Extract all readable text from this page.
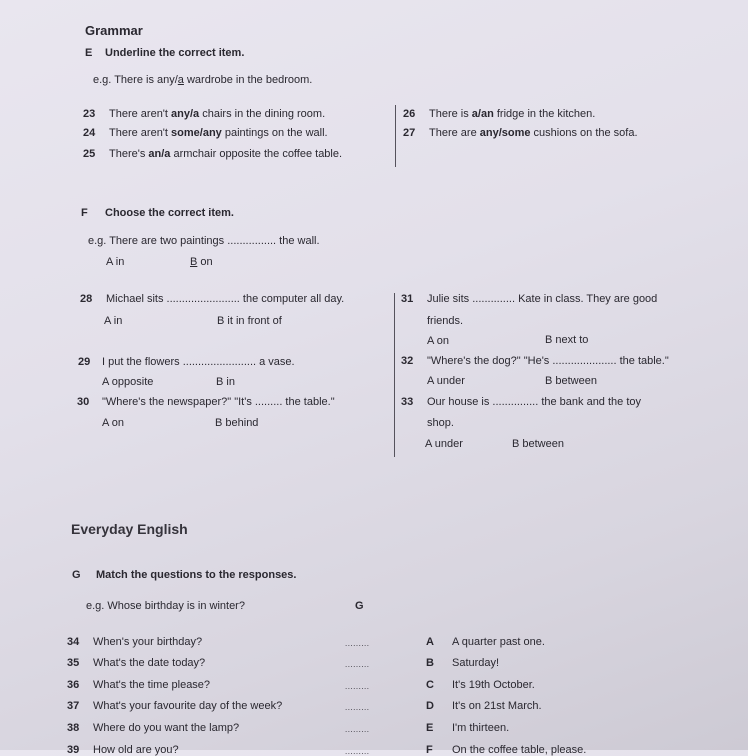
Grammar
E Underline the correct item.
e.g. There is any/a wardrobe in the bedroom.
23 There aren't any/a chairs in the dining room.
24 There aren't some/any paintings on the wall.
25 There's an/a armchair opposite the coffee table.
26 There is a/an fridge in the kitchen.
27 There are any/some cushions on the sofa.
F Choose the correct item.
e.g. There are two paintings ................ the wall.
A in	B on
28 Michael sits ........................ the computer all day.
A in	B it in front of
29 I put the flowers ........................ a vase.
A opposite	B in
30 "Where's the newspaper?" "It's ......... the table."
A on	B behind
31 Julie sits .............. Kate in class. They are good
friends.
A on	B next to
32 "Where's the dog?" "He's ..................... the table."
A under	B between
33 Our house is ............... the bank and the toy
shop.
A under	B between
Everyday English
G Match the questions to the responses.
e.g. Whose birthday is in winter?	G
34 When's your birthday?	.........	A A quarter past one.
35 What's the date today?	.........	B Saturday!
36 What's the time please?	.........	C It's 19th October.
37 What's your favourite day of the week?	.........	D It's on 21st March.
38 Where do you want the lamp?	.........	E I'm thirteen.
39 How old are you?	.........	F On the coffee table, please.
